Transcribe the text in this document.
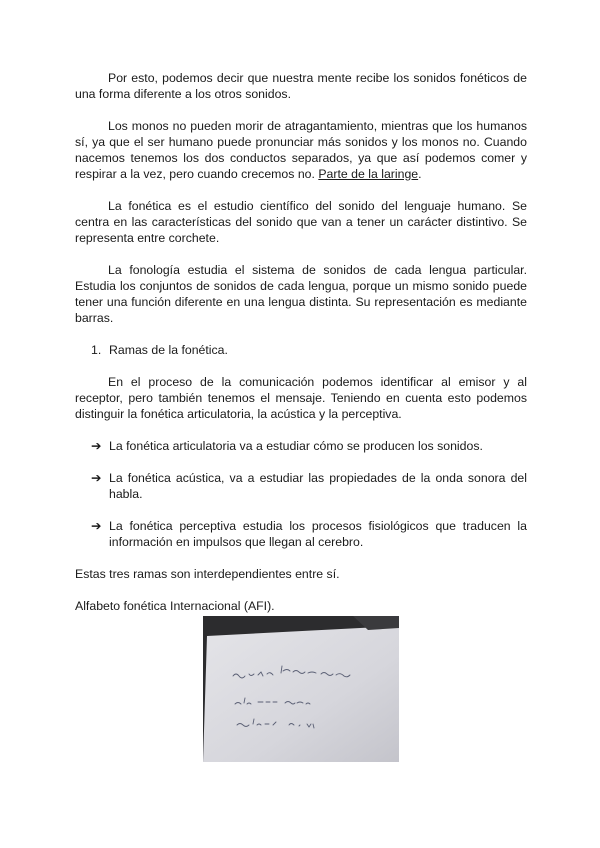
Por esto, podemos decir que nuestra mente recibe los sonidos fonéticos de una forma diferente a los otros sonidos.

Los monos no pueden morir de atragantamiento, mientras que los humanos sí, ya que el ser humano puede pronunciar más sonidos y los monos no. Cuando nacemos tenemos los dos conductos separados, ya que así podemos comer y respirar a la vez, pero cuando crecemos no. Parte de la laringe.

La fonética es el estudio científico del sonido del lenguaje humano. Se centra en las características del sonido que van a tener un carácter distintivo. Se representa entre corchete.

La fonología estudia el sistema de sonidos de cada lengua particular. Estudia los conjuntos de sonidos de cada lengua, porque un mismo sonido puede tener una función diferente en una lengua distinta. Su representación es mediante barras.

1. Ramas de la fonética.

En el proceso de la comunicación podemos identificar al emisor y al receptor, pero también tenemos el mensaje. Teniendo en cuenta esto podemos distinguir la fonética articulatoria, la acústica y la perceptiva.

➔ La fonética articulatoria va a estudiar cómo se producen los sonidos.

➔ La fonética acústica, va a estudiar las propiedades de la onda sonora del habla.

➔ La fonética perceptiva estudia los procesos fisiológicos que traducen la información en impulsos que llegan al cerebro.

Estas tres ramas son interdependientes entre sí.

Alfabeto fonética Internacional (AFI).
